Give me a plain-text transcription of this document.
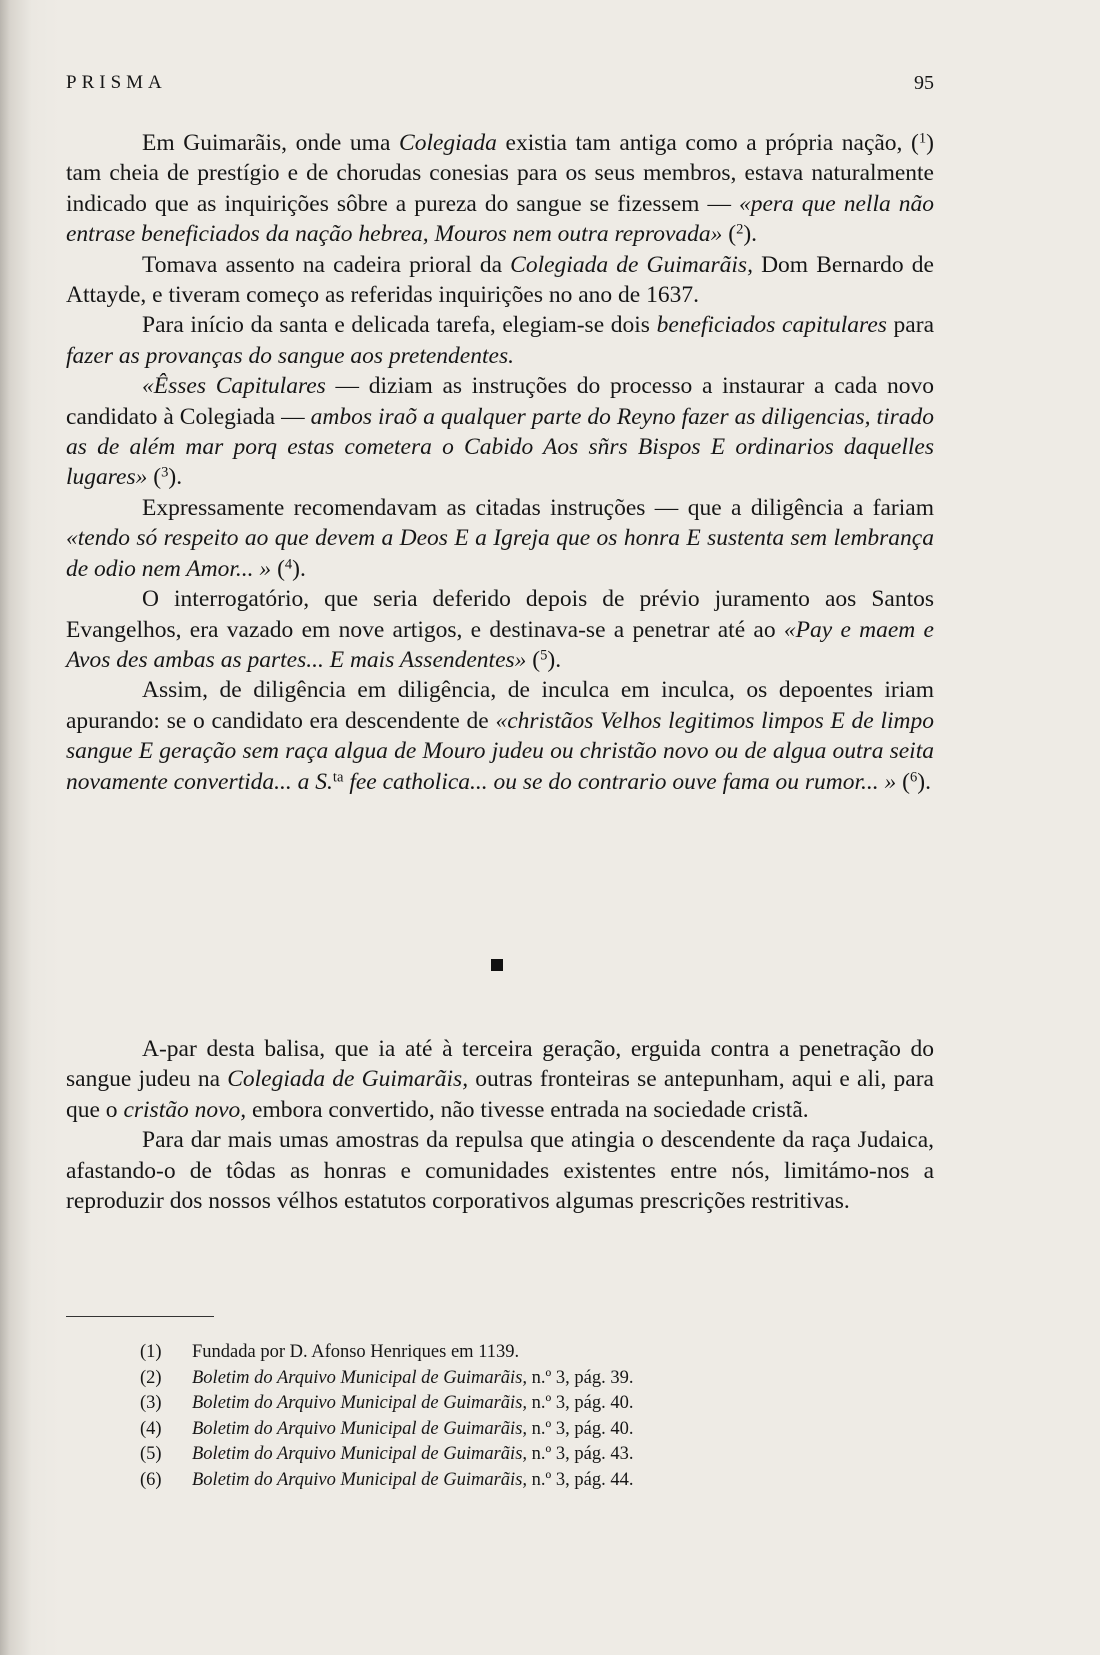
PRISMA	95

Em Guimarãis, onde uma Colegiada existia tam antiga como a própria nação, ($^1$) tam cheia de prestígio e de chorudas conesias para os seus membros, estava naturalmente indicado que as inquirições sôbre a pureza do sangue se fizessem — «pera que nella não entrase beneficiados da nação hebrea, Mouros nem outra reprovada» ($^2$).

Tomava assento na cadeira prioral da Colegiada de Guimarãis, Dom Bernardo de Attayde, e tiveram começo as referidas inquirições no ano de 1637.

Para início da santa e delicada tarefa, elegiam-se dois beneficiados capitulares para fazer as provanças do sangue aos pretendentes.

«Êsses Capitulares — diziam as instruções do processo a instaurar a cada novo candidato à Colegiada — ambos iraõ a qualquer parte do Reyno fazer as diligencias, tirado as de além mar porq estas cometera o Cabido Aos sñrs Bispos E ordinarios daquelles lugares» ($^3$).

Expressamente recomendavam as citadas instruções — que a diligência a fariam «tendo só respeito ao que devem a Deos E a Igreja que os honra E sustenta sem lembrança de odio nem Amor... » ($^4$).

O interrogatório, que seria deferido depois de prévio juramento aos Santos Evangelhos, era vazado em nove artigos, e destinava-se a penetrar até ao «Pay e maem e Avos des ambas as partes... E mais Assendentes» ($^5$).

Assim, de diligência em diligência, de inculca em inculca, os depoentes iriam apurando: se o candidato era descendente de «christãos Velhos legitimos limpos E de limpo sangue E geração sem raça algua de Mouro judeu ou christão novo ou de algua outra seita novamente convertida... a S.$^{ta}$ fee catholica... ou se do contrario ouve fama ou rumor... » ($^6$).

A-par desta balisa, que ia até à terceira geração, erguida contra a penetração do sangue judeu na Colegiada de Guimarãis, outras fronteiras se antepunham, aqui e ali, para que o cristão novo, embora convertido, não tivesse entrada na sociedade cristã.

Para dar mais umas amostras da repulsa que atingia o descendente da raça Judaica, afastando-o de tôdas as honras e comunidades existentes entre nós, limitámo-nos a reproduzir dos nossos vélhos estatutos corporativos algumas prescrições restritivas.

(1)	Fundada por D. Afonso Henriques em 1139.
(2)	Boletim do Arquivo Municipal de Guimarãis, n.º 3, pág. 39.
(3)	Boletim do Arquivo Municipal de Guimarãis, n.º 3, pág. 40.
(4)	Boletim do Arquivo Municipal de Guimarãis, n.º 3, pág. 40.
(5)	Boletim do Arquivo Municipal de Guimarãis, n.º 3, pág. 43.
(6)	Boletim do Arquivo Municipal de Guimarãis, n.º 3, pág. 44.
